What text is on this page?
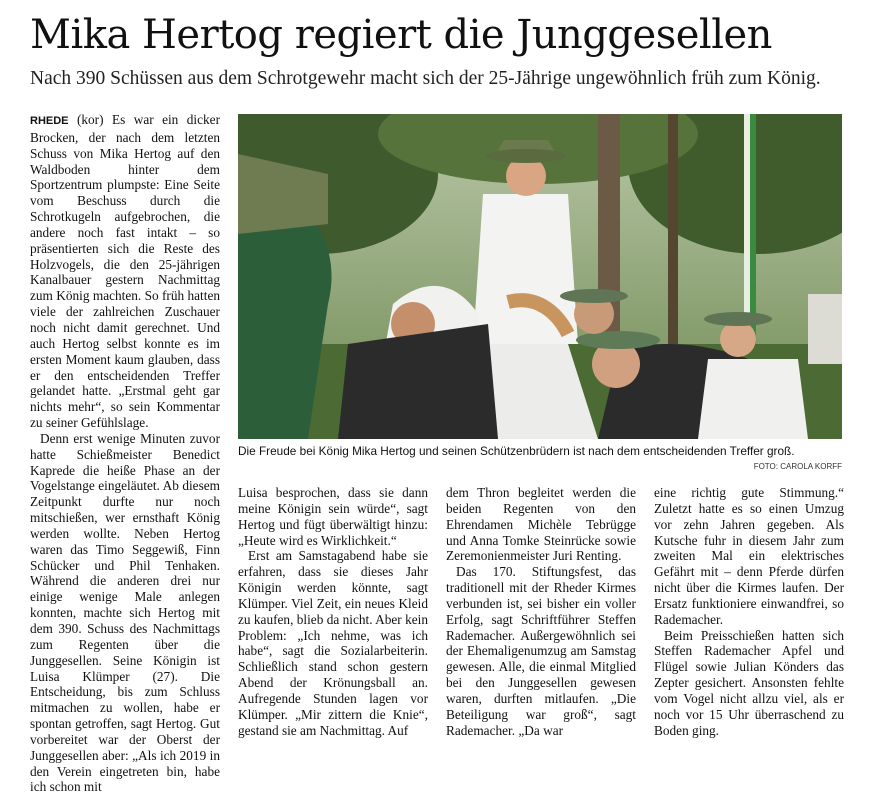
Mika Hertog regiert die Junggesellen
Nach 390 Schüssen aus dem Schrotgewehr macht sich der 25-Jährige ungewöhnlich früh zum König.

RHEDE (kor) Es war ein dicker Brocken, der nach dem letzten Schuss von Mika Hertog auf den Waldboden hinter dem Sportzentrum plumpste: Eine Seite vom Beschuss durch die Schrotkugeln aufgebrochen, die andere noch fast intakt – so präsentierten sich die Reste des Holzvogels, die den 25-jährigen Kanalbauer gestern Nachmittag zum König machten. So früh hatten viele der zahlreichen Zuschauer noch nicht damit gerechnet. Und auch Hertog selbst konnte es im ersten Moment kaum glauben, dass er den entscheidenden Treffer gelandet hatte. „Erstmal geht gar nichts mehr“, so sein Kommentar zu seiner Gefühlslage.

Denn erst wenige Minuten zuvor hatte Schießmeister Benedict Kaprede die heiße Phase an der Vogelstange eingeläutet. Ab diesem Zeitpunkt durfte nur noch mitschießen, wer ernsthaft König werden wollte. Neben Hertog waren das Timo Seggewiß, Finn Schücker und Phil Tenhaken. Während die anderen drei nur einige wenige Male anlegen konnten, machte sich Hertog mit dem 390. Schuss des Nachmittags zum Regenten über die Junggesellen. Seine Königin ist Luisa Klümper (27). Die Entscheidung, bis zum Schluss mitmachen zu wollen, habe er spontan getroffen, sagt Hertog. Gut vorbereitet war der Oberst der Junggesellen aber: „Als ich 2019 in den Verein eingetreten bin, habe ich schon mit

Die Freude bei König Mika Hertog und seinen Schützenbrüdern ist nach dem entscheidenden Treffer groß.
FOTO: CAROLA KORFF

Luisa besprochen, dass sie dann meine Königin sein würde“, sagt Hertog und fügt überwältigt hinzu: „Heute wird es Wirklichkeit.“

Erst am Samstagabend habe sie erfahren, dass sie dieses Jahr Königin werden könnte, sagt Klümper. Viel Zeit, ein neues Kleid zu kaufen, blieb da nicht. Aber kein Problem: „Ich nehme, was ich habe“, sagt die Sozialarbeiterin. Schließlich stand schon gestern Abend der Krönungsball an. Aufregende Stunden lagen vor Klümper. „Mir zittern die Knie“, gestand sie am Nachmittag. Auf

dem Thron begleitet werden die beiden Regenten von den Ehrendamen Michèle Tebrügge und Anna Tomke Steinrücke sowie Zeremonienmeister Juri Renting.

Das 170. Stiftungsfest, das traditionell mit der Rheder Kirmes verbunden ist, sei bisher ein voller Erfolg, sagt Schriftführer Steffen Rademacher. Außergewöhnlich sei der Ehemaligenumzug am Samstag gewesen. Alle, die einmal Mitglied bei den Junggesellen gewesen waren, durften mitlaufen. „Die Beteiligung war groß“, sagt Rademacher. „Da war

eine richtig gute Stimmung.“ Zuletzt hatte es so einen Umzug vor zehn Jahren gegeben. Als Kutsche fuhr in diesem Jahr zum zweiten Mal ein elektrisches Gefährt mit – denn Pferde dürfen nicht über die Kirmes laufen. Der Ersatz funktioniere einwandfrei, so Rademacher.

Beim Preisschießen hatten sich Steffen Rademacher Apfel und Flügel sowie Julian Könders das Zepter gesichert. Ansonsten fehlte vom Vogel nicht allzu viel, als er noch vor 15 Uhr überraschend zu Boden ging.
